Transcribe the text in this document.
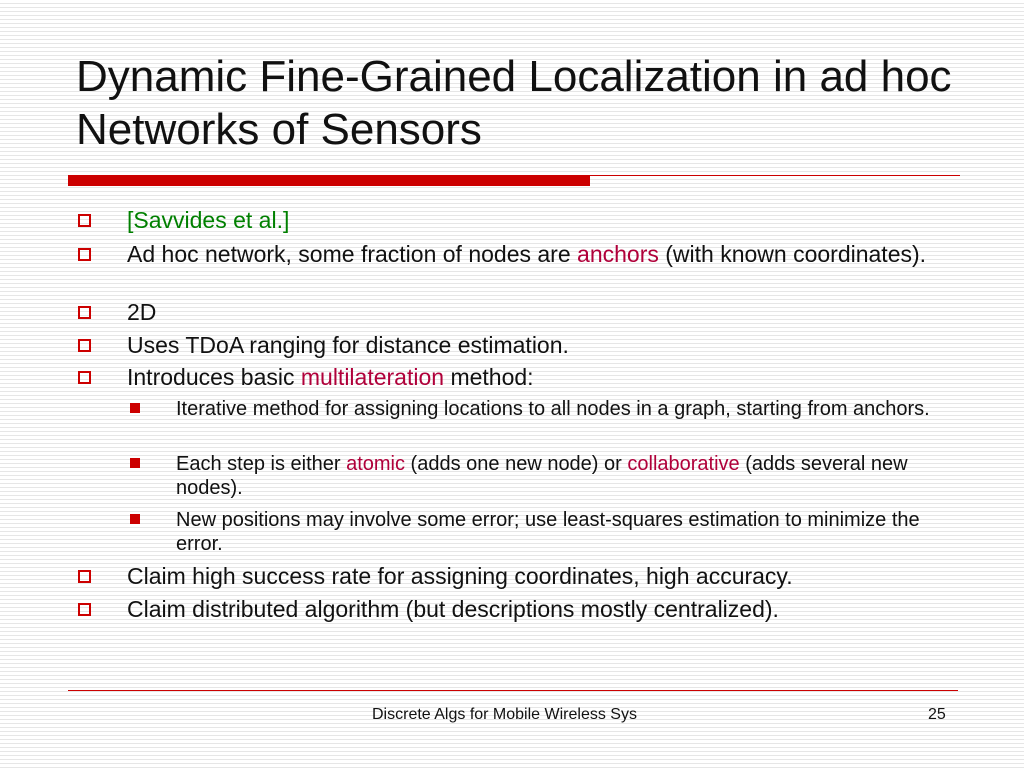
Dynamic Fine-Grained Localization in ad hoc Networks of Sensors
[Savvides et al.]
Ad hoc network, some fraction of nodes are anchors (with known coordinates).
2D
Uses TDoA ranging for distance estimation.
Introduces basic multilateration method:
Iterative method for assigning locations to all nodes in a graph, starting from anchors.
Each step is either atomic (adds one new node) or collaborative (adds several new nodes).
New positions may involve some error; use least-squares estimation to minimize the error.
Claim high success rate for assigning coordinates, high accuracy.
Claim distributed algorithm (but descriptions mostly centralized).
Discrete Algs for Mobile Wireless Sys	25
